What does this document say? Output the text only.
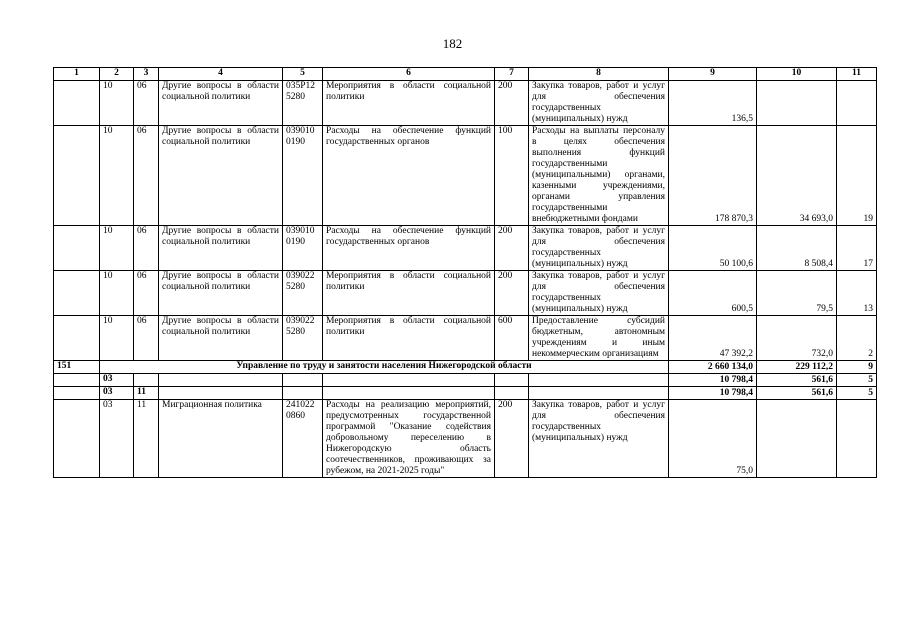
182
1	2	3	4	5	6	7	8	9	10	11
	10	06	Другие вопросы в области социальной политики	035P12 5280	Мероприятия в области социальной политики	200	Закупка товаров, работ и услуг для обеспечения государственных (муниципальных) нужд	136,5		
	10	06	Другие вопросы в области социальной политики	039010 0190	Расходы на обеспечение функций государственных органов	100	Расходы на выплаты персоналу в целях обеспечения выполнения функций государственными (муниципальными) органами, казенными учреждениями, органами управления государственными внебюджетными фондами	178 870,3	34 693,0	19
	10	06	Другие вопросы в области социальной политики	039010 0190	Расходы на обеспечение функций государственных органов	200	Закупка товаров, работ и услуг для обеспечения государственных (муниципальных) нужд	50 100,6	8 508,4	17
	10	06	Другие вопросы в области социальной политики	039022 5280	Мероприятия в области социальной политики	200	Закупка товаров, работ и услуг для обеспечения государственных (муниципальных) нужд	600,5	79,5	13
	10	06	Другие вопросы в области социальной политики	039022 5280	Мероприятия в области социальной политики	600	Предоставление субсидий бюджетным, автономным учреждениям и иным некоммерческим организациям	47 392,2	732,0	2
151	Управление по труду и занятости населения Нижегородской области							2 660 134,0	229 112,2	9
	03							10 798,4	561,6	5
	03	11						10 798,4	561,6	5
	03	11	Миграционная политика	241022 0860	Расходы на реализацию мероприятий, предусмотренных государственной программой "Оказание содействия добровольному переселению в Нижегородскую область соотечественников, проживающих за рубежом, на 2021-2025 годы"	200	Закупка товаров, работ и услуг для обеспечения государственных (муниципальных) нужд	75,0		
